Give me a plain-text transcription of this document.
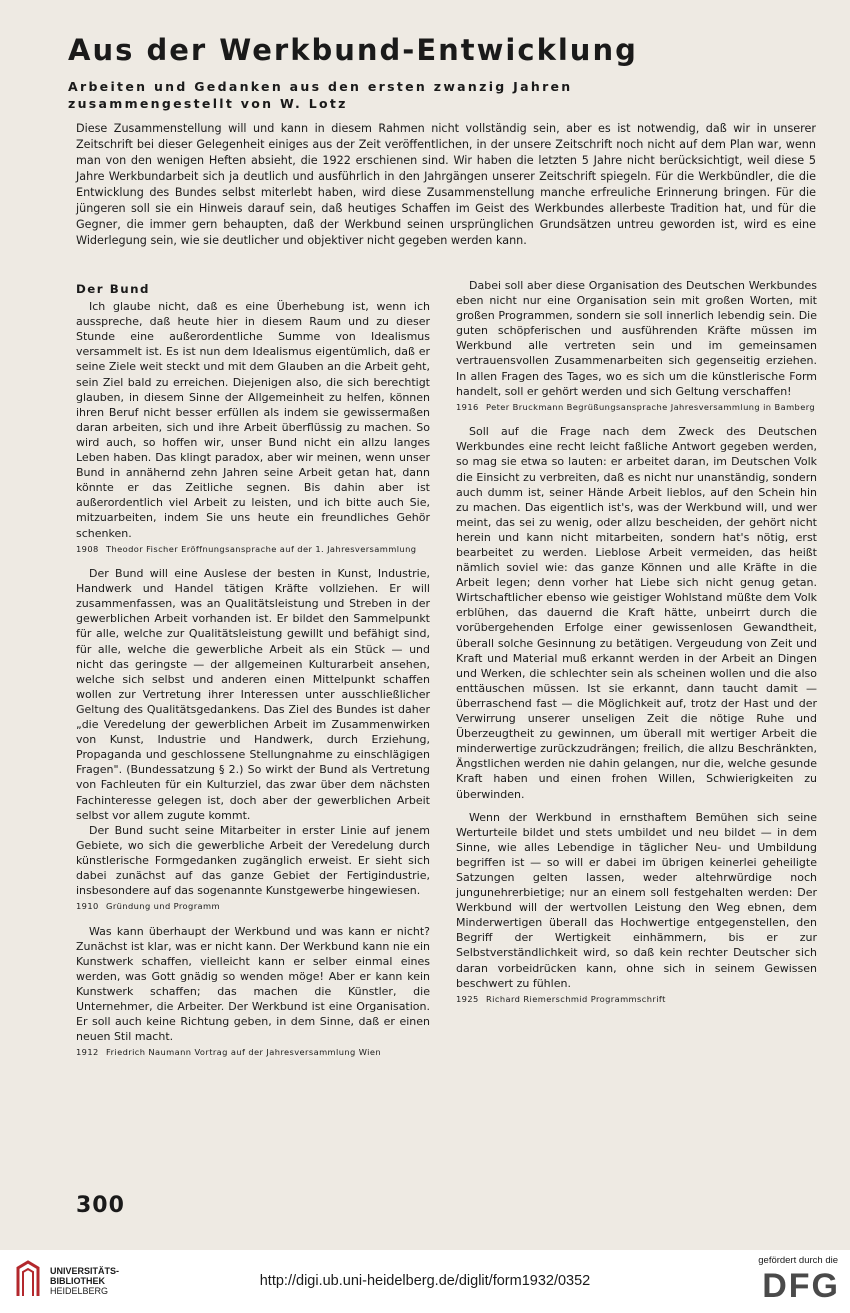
Aus der Werkbund-Entwicklung
Arbeiten und Gedanken aus den ersten zwanzig Jahren
zusammengestellt von W. Lotz

Diese Zusammenstellung will und kann in diesem Rahmen nicht vollständig sein, aber es ist notwendig, daß wir in unserer Zeitschrift bei dieser Gelegenheit einiges aus der Zeit veröffentlichen, in der unsere Zeitschrift noch nicht auf dem Plan war, wenn man von den wenigen Heften absieht, die 1922 erschienen sind. Wir haben die letzten 5 Jahre nicht berücksichtigt, weil diese 5 Jahre Werkbundarbeit sich ja deutlich und ausführlich in den Jahrgängen unserer Zeitschrift spiegeln. Für die Werkbündler, die die Entwicklung des Bundes selbst miterlebt haben, wird diese Zusammenstellung manche erfreuliche Erinnerung bringen. Für die jüngeren soll sie ein Hinweis darauf sein, daß heutiges Schaffen im Geist des Werkbundes allerbeste Tradition hat, und für die Gegner, die immer gern behaupten, daß der Werkbund seinen ursprünglichen Grundsätzen untreu geworden ist, wird es eine Widerlegung sein, wie sie deutlicher und objektiver nicht gegeben werden kann.

Der Bund

Ich glaube nicht, daß es eine Überhebung ist, wenn ich ausspreche, daß heute hier in diesem Raum und zu dieser Stunde eine außerordentliche Summe von Idealismus versammelt ist. Es ist nun dem Idealismus eigentümlich, daß er seine Ziele weit steckt und mit dem Glauben an die Arbeit geht, sein Ziel bald zu erreichen. Diejenigen also, die sich berechtigt glauben, in diesem Sinne der Allgemeinheit zu helfen, können ihren Beruf nicht besser erfüllen als indem sie gewissermaßen daran arbeiten, sich und ihre Arbeit überflüssig zu machen. So wird auch, so hoffen wir, unser Bund nicht ein allzu langes Leben haben. Das klingt paradox, aber wir meinen, wenn unser Bund in annähernd zehn Jahren seine Arbeit getan hat, dann könnte er das Zeitliche segnen. Bis dahin aber ist außerordentlich viel Arbeit zu leisten, und ich bitte auch Sie, mitzuarbeiten, indem Sie uns heute ein freundliches Gehör schenken.

1908 Theodor Fischer Eröffnungsansprache auf der 1. Jahresversammlung

Der Bund will eine Auslese der besten in Kunst, Industrie, Handwerk und Handel tätigen Kräfte vollziehen. Er will zusammenfassen, was an Qualitätsleistung und Streben in der gewerblichen Arbeit vorhanden ist. Er bildet den Sammelpunkt für alle, welche zur Qualitätsleistung gewillt und befähigt sind, für alle, welche die gewerbliche Arbeit als ein Stück — und nicht das geringste — der allgemeinen Kulturarbeit ansehen, welche sich selbst und anderen einen Mittelpunkt schaffen wollen zur Vertretung ihrer Interessen unter ausschließlicher Geltung des Qualitätsgedankens. Das Ziel des Bundes ist daher „die Veredelung der gewerblichen Arbeit im Zusammenwirken von Kunst, Industrie und Handwerk, durch Erziehung, Propaganda und geschlossene Stellungnahme zu einschlägigen Fragen". (Bundessatzung § 2.) So wirkt der Bund als Vertretung von Fachleuten für ein Kulturziel, das zwar über dem nächsten Fachinteresse gelegen ist, doch aber der gewerblichen Arbeit selbst vor allem zugute kommt.

Der Bund sucht seine Mitarbeiter in erster Linie auf jenem Gebiete, wo sich die gewerbliche Arbeit der Veredelung durch künstlerische Formgedanken zugänglich erweist. Er sieht sich dabei zunächst auf das ganze Gebiet der Fertigindustrie, insbesondere auf das sogenannte Kunstgewerbe hingewiesen.

1910 Gründung und Programm

Was kann überhaupt der Werkbund und was kann er nicht? Zunächst ist klar, was er nicht kann. Der Werkbund kann nie ein Kunstwerk schaffen, vielleicht kann er selber einmal eines werden, was Gott gnädig so wenden möge! Aber er kann kein Kunstwerk schaffen; das machen die Künstler, die Unternehmer, die Arbeiter. Der Werkbund ist eine Organisation. Er soll auch keine Richtung geben, in dem Sinne, daß er einen neuen Stil macht.

1912 Friedrich Naumann Vortrag auf der Jahresversammlung Wien

Dabei soll aber diese Organisation des Deutschen Werkbundes eben nicht nur eine Organisation sein mit großen Worten, mit großen Programmen, sondern sie soll innerlich lebendig sein. Die guten schöpferischen und ausführenden Kräfte müssen im Werkbund alle vertreten sein und im gemeinsamen vertrauensvollen Zusammenarbeiten sich gegenseitig erziehen. In allen Fragen des Tages, wo es sich um die künstlerische Form handelt, soll er gehört werden und sich Geltung verschaffen!

1916 Peter Bruckmann Begrüßungsansprache Jahresversammlung in Bamberg

Soll auf die Frage nach dem Zweck des Deutschen Werkbundes eine recht leicht faßliche Antwort gegeben werden, so mag sie etwa so lauten: er arbeitet daran, im Deutschen Volk die Einsicht zu verbreiten, daß es nicht nur unanständig, sondern auch dumm ist, seiner Hände Arbeit lieblos, auf den Schein hin zu machen. Das eigentlich ist's, was der Werkbund will, und wer meint, das sei zu wenig, oder allzu bescheiden, der gehört nicht herein und kann nicht mitarbeiten, sondern hat's nötig, erst bearbeitet zu werden. Lieblose Arbeit vermeiden, das heißt nämlich soviel wie: das ganze Können und alle Kräfte in die Arbeit legen; denn vorher hat Liebe sich nicht genug getan. Wirtschaftlicher ebenso wie geistiger Wohlstand müßte dem Volk erblühen, das dauernd die Kraft hätte, unbeirrt durch die vorübergehenden Erfolge einer gewissenlosen Gewandtheit, überall solche Gesinnung zu betätigen. Vergeudung von Zeit und Kraft und Material muß erkannt werden in der Arbeit an Dingen und Werken, die schlechter sein als scheinen wollen und die also enttäuschen müssen. Ist sie erkannt, dann taucht damit — überraschend fast — die Möglichkeit auf, trotz der Hast und der Verwirrung unserer unseligen Zeit die nötige Ruhe und Überzeugtheit zu gewinnen, um überall mit wertiger Arbeit die minderwertige zurückzudrängen; freilich, die allzu Beschränkten, Ängstlichen werden nie dahin gelangen, nur die, welche gesunde Kraft haben und einen frohen Willen, Schwierigkeiten zu überwinden.

Wenn der Werkbund in ernsthaftem Bemühen sich seine Werturteile bildet und stets umbildet und neu bildet — in dem Sinne, wie alles Lebendige in täglicher Neu- und Umbildung begriffen ist — so will er dabei im übrigen keinerlei geheiligte Satzungen gelten lassen, weder altehrwürdige noch jungunehrerbietige; nur an einem soll festgehalten werden: Der Werkbund will der wertvollen Leistung den Weg ebnen, dem Minderwertigen überall das Hochwertige entgegenstellen, den Begriff der Wertigkeit einhämmern, bis er zur Selbstverständlichkeit wird, so daß kein rechter Deutscher sich daran vorbeidrücken kann, ohne sich in seinem Gewissen beschwert zu fühlen.

1925 Richard Riemerschmid Programmschrift
300
UNIVERSITÄTS-
BIBLIOTHEK
HEIDELBERG
http://digi.ub.uni-heidelberg.de/diglit/form1932/0352
gefördert durch die
DFG
